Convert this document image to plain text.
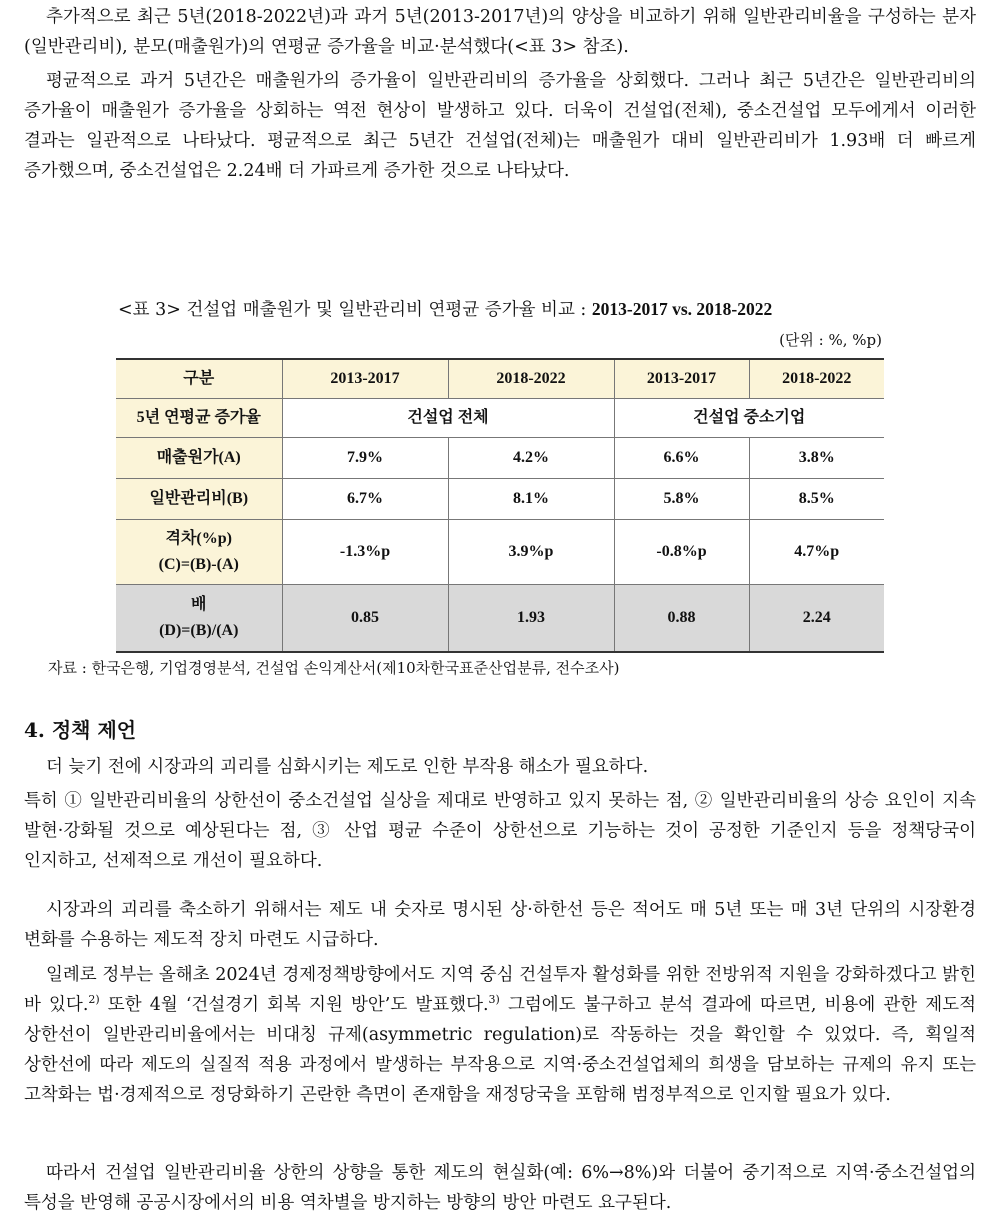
추가적으로 최근 5년(2018-2022년)과 과거 5년(2013-2017년)의 양상을 비교하기 위해 일반관리비율을 구성하는 분자(일반관리비), 분모(매출원가)의 연평균 증가율을 비교·분석했다(<표 3> 참조).

평균적으로 과거 5년간은 매출원가의 증가율이 일반관리비의 증가율을 상회했다. 그러나 최근 5년간은 일반관리비의 증가율이 매출원가 증가율을 상회하는 역전 현상이 발생하고 있다. 더욱이 건설업(전체), 중소건설업 모두에게서 이러한 결과는 일관적으로 나타났다. 평균적으로 최근 5년간 건설업(전체)는 매출원가 대비 일반관리비가 1.93배 더 빠르게 증가했으며, 중소건설업은 2.24배 더 가파르게 증가한 것으로 나타났다.

<표 3> 건설업 매출원가 및 일반관리비 연평균 증가율 비교 : 2013-2017 vs. 2018-2022

(단위 : %, %p)

구분	2013-2017	2018-2022	2013-2017	2018-2022
5년 연평균 증가율	건설업 전체		건설업 중소기업	
매출원가(A)	7.9%	4.2%	6.6%	3.8%
일반관리비(B)	6.7%	8.1%	5.8%	8.5%

격차(%p)
(C)=(B)-(A)	-1.3%p	3.9%p	-0.8%p	4.7%p

배
(D)=(B)/(A)	0.85	1.93	0.88	2.24

자료 : 한국은행, 기업경영분석, 건설업 손익계산서(제10차한국표준산업분류, 전수조사)

4. 정책 제언

더 늦기 전에 시장과의 괴리를 심화시키는 제도로 인한 부작용 해소가 필요하다.

특히 ① 일반관리비율의 상한선이 중소건설업 실상을 제대로 반영하고 있지 못하는 점, ② 일반관리비율의 상승 요인이 지속 발현·강화될 것으로 예상된다는 점, ③ 산업 평균 수준이 상한선으로 기능하는 것이 공정한 기준인지 등을 정책당국이 인지하고, 선제적으로 개선이 필요하다.

시장과의 괴리를 축소하기 위해서는 제도 내 숫자로 명시된 상·하한선 등은 적어도 매 5년 또는 매 3년 단위의 시장환경 변화를 수용하는 제도적 장치 마련도 시급하다.

일례로 정부는 올해초 2024년 경제정책방향에서도 지역 중심 건설투자 활성화를 위한 전방위적 지원을 강화하겠다고 밝힌 바 있다.$^{2)}$ 또한 4월 ‘건설경기 회복 지원 방안’도 발표했다.$^{3)}$ 그럼에도 불구하고 분석 결과에 따르면, 비용에 관한 제도적 상한선이 일반관리비율에서는 비대칭 규제(asymmetric regulation)로 작동하는 것을 확인할 수 있었다. 즉, 획일적 상한선에 따라 제도의 실질적 적용 과정에서 발생하는 부작용으로 지역·중소건설업체의 희생을 담보하는 규제의 유지 또는 고착화는 법·경제적으로 정당화하기 곤란한 측면이 존재함을 재정당국을 포함해 범정부적으로 인지할 필요가 있다.

따라서 건설업 일반관리비율 상한의 상향을 통한 제도의 현실화(예: 6%→8%)와 더불어 중기적으로 지역·중소건설업의 특성을 반영해 공공시장에서의 비용 역차별을 방지하는 방향의 방안 마련도 요구된다.
